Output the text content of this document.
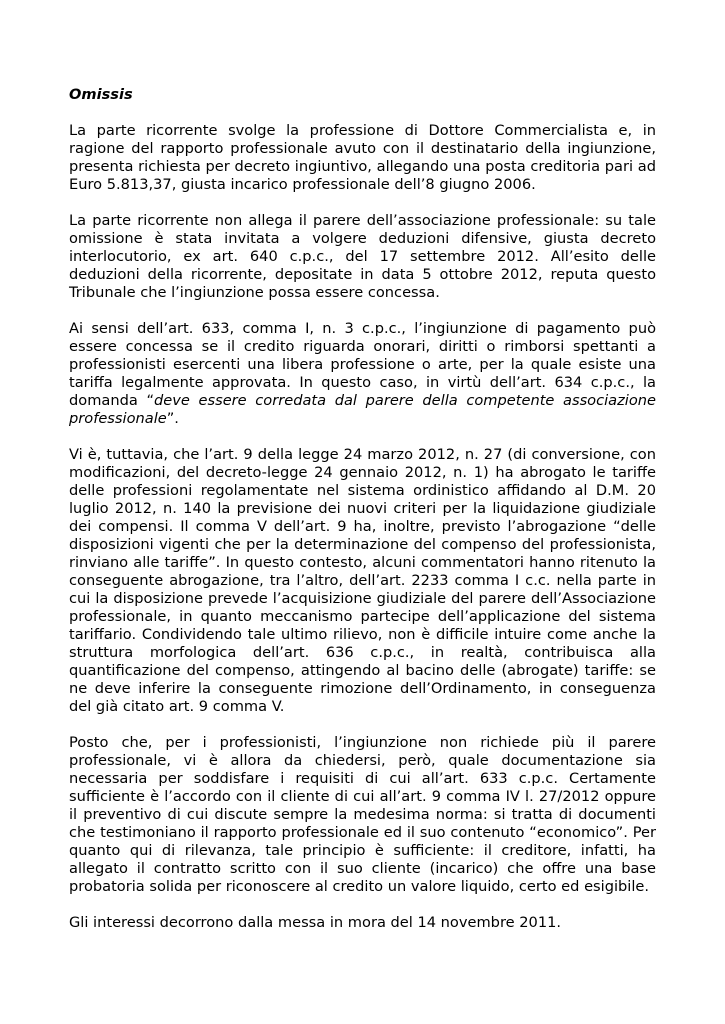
Omissis

La parte ricorrente svolge la professione di Dottore Commercialista e, in ragione del rapporto professionale avuto con il destinatario della ingiunzione, presenta richiesta per decreto ingiuntivo, allegando una posta creditoria pari ad Euro 5.813,37, giusta incarico professionale dell’8 giugno 2006.

La parte ricorrente non allega il parere dell’associazione professionale: su tale omissione è stata invitata a volgere deduzioni difensive, giusta decreto interlocutorio, ex art. 640 c.p.c., del 17 settembre 2012. All’esito delle deduzioni della ricorrente, depositate in data 5 ottobre 2012, reputa questo Tribunale che l’ingiunzione possa essere concessa.

Ai sensi dell’art. 633, comma I, n. 3 c.p.c., l’ingiunzione di pagamento può essere concessa se il credito riguarda onorari, diritti o rimborsi spettanti a professionisti esercenti una libera professione o arte, per la quale esiste una tariffa legalmente approvata. In questo caso, in virtù dell’art. 634 c.p.c., la domanda “deve essere corredata dal parere della competente associazione professionale”.

Vi è, tuttavia, che l’art. 9 della legge 24 marzo 2012, n. 27 (di conversione, con modificazioni, del decreto-legge 24 gennaio 2012, n. 1) ha abrogato le tariffe delle professioni regolamentate nel sistema ordinistico affidando al D.M. 20 luglio 2012, n. 140 la previsione dei nuovi criteri per la liquidazione giudiziale dei compensi. Il comma V dell’art. 9 ha, inoltre, previsto l’abrogazione “delle disposizioni vigenti che per la determinazione del compenso del professionista, rinviano alle tariffe”. In questo contesto, alcuni commentatori hanno ritenuto la conseguente abrogazione, tra l’altro, dell’art. 2233 comma I c.c. nella parte in cui la disposizione prevede l’acquisizione giudiziale del parere dell’Associazione professionale, in quanto meccanismo partecipe dell’applicazione del sistema tariffario. Condividendo tale ultimo rilievo, non è difficile intuire come anche la struttura morfologica dell’art. 636 c.p.c., in realtà, contribuisca alla quantificazione del compenso, attingendo al bacino delle (abrogate) tariffe: se ne deve inferire la conseguente rimozione dell’Ordinamento, in conseguenza del già citato art. 9 comma V.

Posto che, per i professionisti, l’ingiunzione non richiede più il parere professionale, vi è allora da chiedersi, però, quale documentazione sia necessaria per soddisfare i requisiti di cui all’art. 633 c.p.c. Certamente sufficiente è l’accordo con il cliente di cui all’art. 9 comma IV l. 27/2012 oppure il preventivo di cui discute sempre la medesima norma: si tratta di documenti che testimoniano il rapporto professionale ed il suo contenuto “economico”. Per quanto qui di rilevanza, tale principio è sufficiente: il creditore, infatti, ha allegato il contratto scritto con il suo cliente (incarico) che offre una base probatoria solida per riconoscere al credito un valore liquido, certo ed esigibile.

Gli interessi decorrono dalla messa in mora del 14 novembre 2011.
